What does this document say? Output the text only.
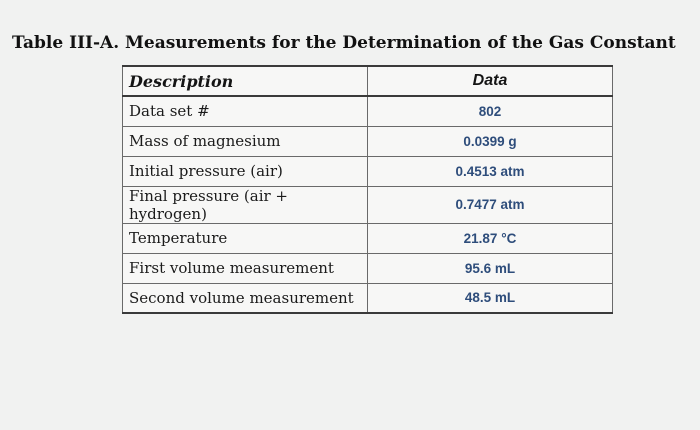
Table III-A. Measurements for the Determination of the Gas Constant
Description	Data
Data set #	802
Mass of magnesium	0.0399 g
Initial pressure (air)	0.4513 atm
Final pressure (air + hydrogen)	0.7477 atm
Temperature	21.87 °C
First volume measurement	95.6 mL
Second volume measurement	48.5 mL
